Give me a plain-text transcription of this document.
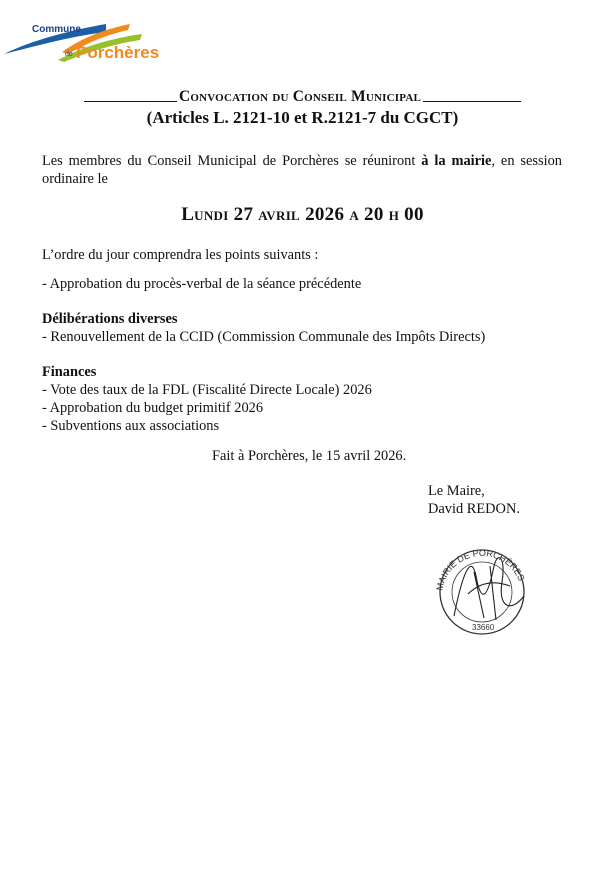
Commune
de Porchères
Convocation du Conseil Municipal
(Articles L. 2121-10 et R.2121-7 du CGCT)
Les membres du Conseil Municipal de Porchères se réuniront à la mairie, en session ordinaire le
Lundi 27 avril 2026 a 20 h 00
L’ordre du jour comprendra les points suivants :
- Approbation du procès-verbal de la séance précédente
Délibérations diverses
- Renouvellement de la CCID (Commission Communale des Impôts Directs)
Finances
- Vote des taux de la FDL (Fiscalité Directe Locale) 2026
- Approbation du budget primitif 2026
- Subventions aux associations
Fait à Porchères, le 15 avril 2026.
Le Maire,
David REDON.
MAIRIE DE PORCHÈRES
33660
